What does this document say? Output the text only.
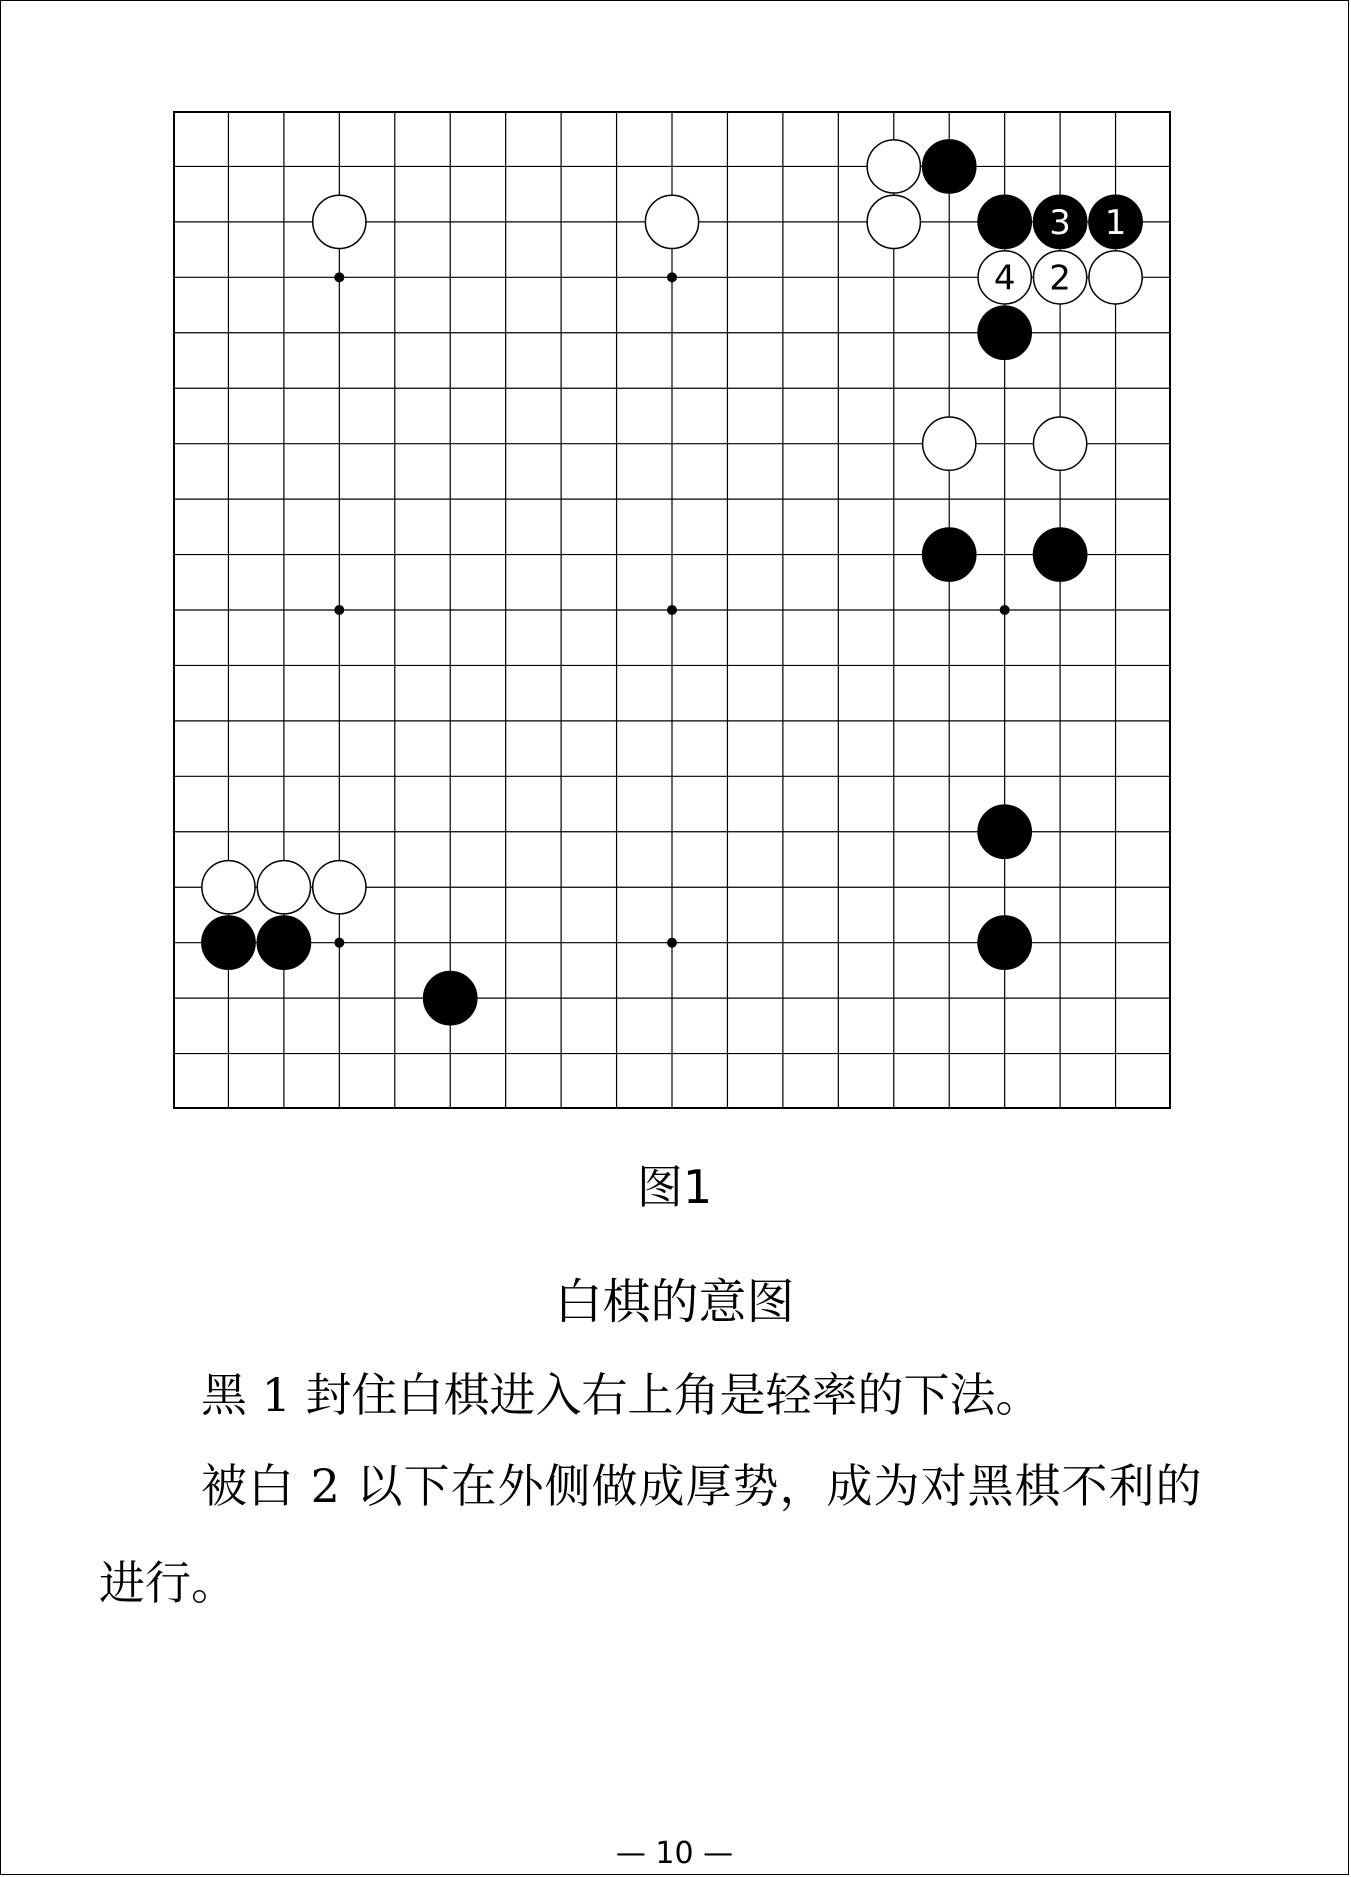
3 1
4 2
图1
白棋的意图
黑 1 封住白棋进入右上角是轻率的下法。
被白 2 以下在外侧做成厚势，成为对黑棋不利的
进行。
— 10 —
